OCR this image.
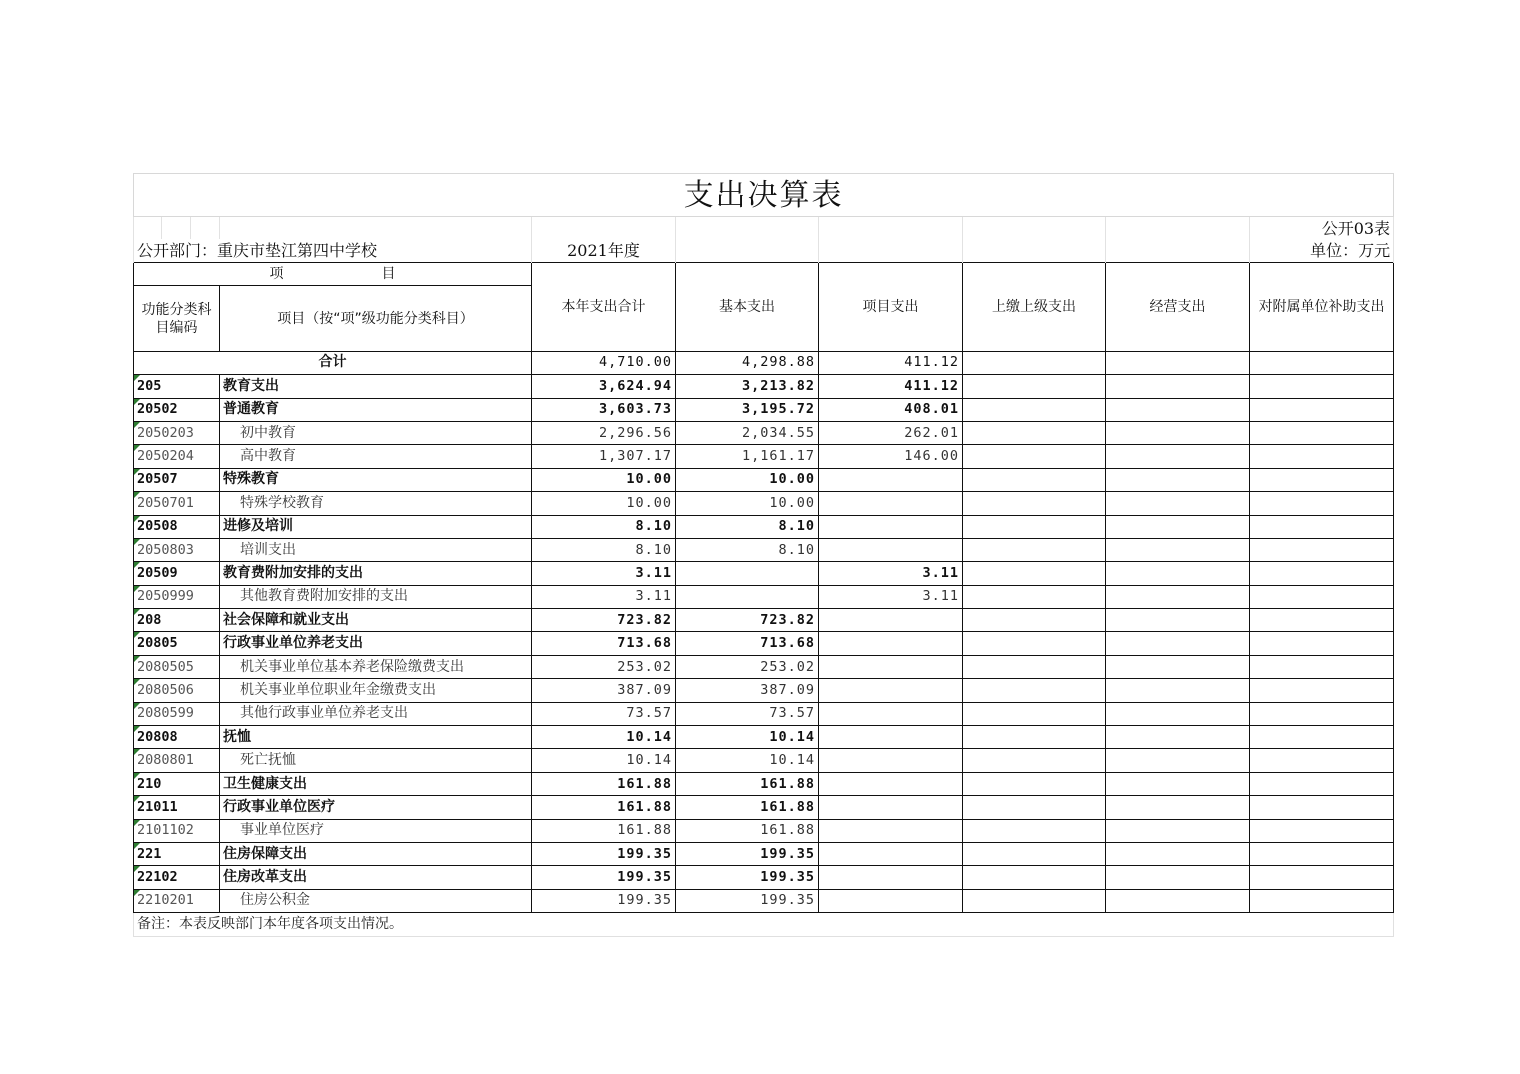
支出决算表									
									公开03表
公开部门：重庆市垫江第四中学校				2021年度					单位：万元
项　　　　　　　目				本年支出合计	基本支出	项目支出	上缴上级支出	经营支出	对附属单位补助支出
功能分类科目编码			项目（按“项”级功能分类科目）						
合计				4,710.00	4,298.88	411.12			
205			教育支出	3,624.94	3,213.82	411.12			
20502			普通教育	3,603.73	3,195.72	408.01			
2050203			初中教育	2,296.56	2,034.55	262.01			
2050204			高中教育	1,307.17	1,161.17	146.00			
20507			特殊教育	10.00	10.00				
2050701			特殊学校教育	10.00	10.00				
20508			进修及培训	8.10	8.10				
2050803			培训支出	8.10	8.10				
20509			教育费附加安排的支出	3.11		3.11			
2050999			其他教育费附加安排的支出	3.11		3.11			
208			社会保障和就业支出	723.82	723.82				
20805			行政事业单位养老支出	713.68	713.68				
2080505			机关事业单位基本养老保险缴费支出	253.02	253.02				
2080506			机关事业单位职业年金缴费支出	387.09	387.09				
2080599			其他行政事业单位养老支出	73.57	73.57				
20808			抚恤	10.14	10.14				
2080801			死亡抚恤	10.14	10.14				
210			卫生健康支出	161.88	161.88				
21011			行政事业单位医疗	161.88	161.88				
2101102			事业单位医疗	161.88	161.88				
221			住房保障支出	199.35	199.35				
22102			住房改革支出	199.35	199.35				
2210201			住房公积金	199.35	199.35				
备注：本表反映部门本年度各项支出情况。									
